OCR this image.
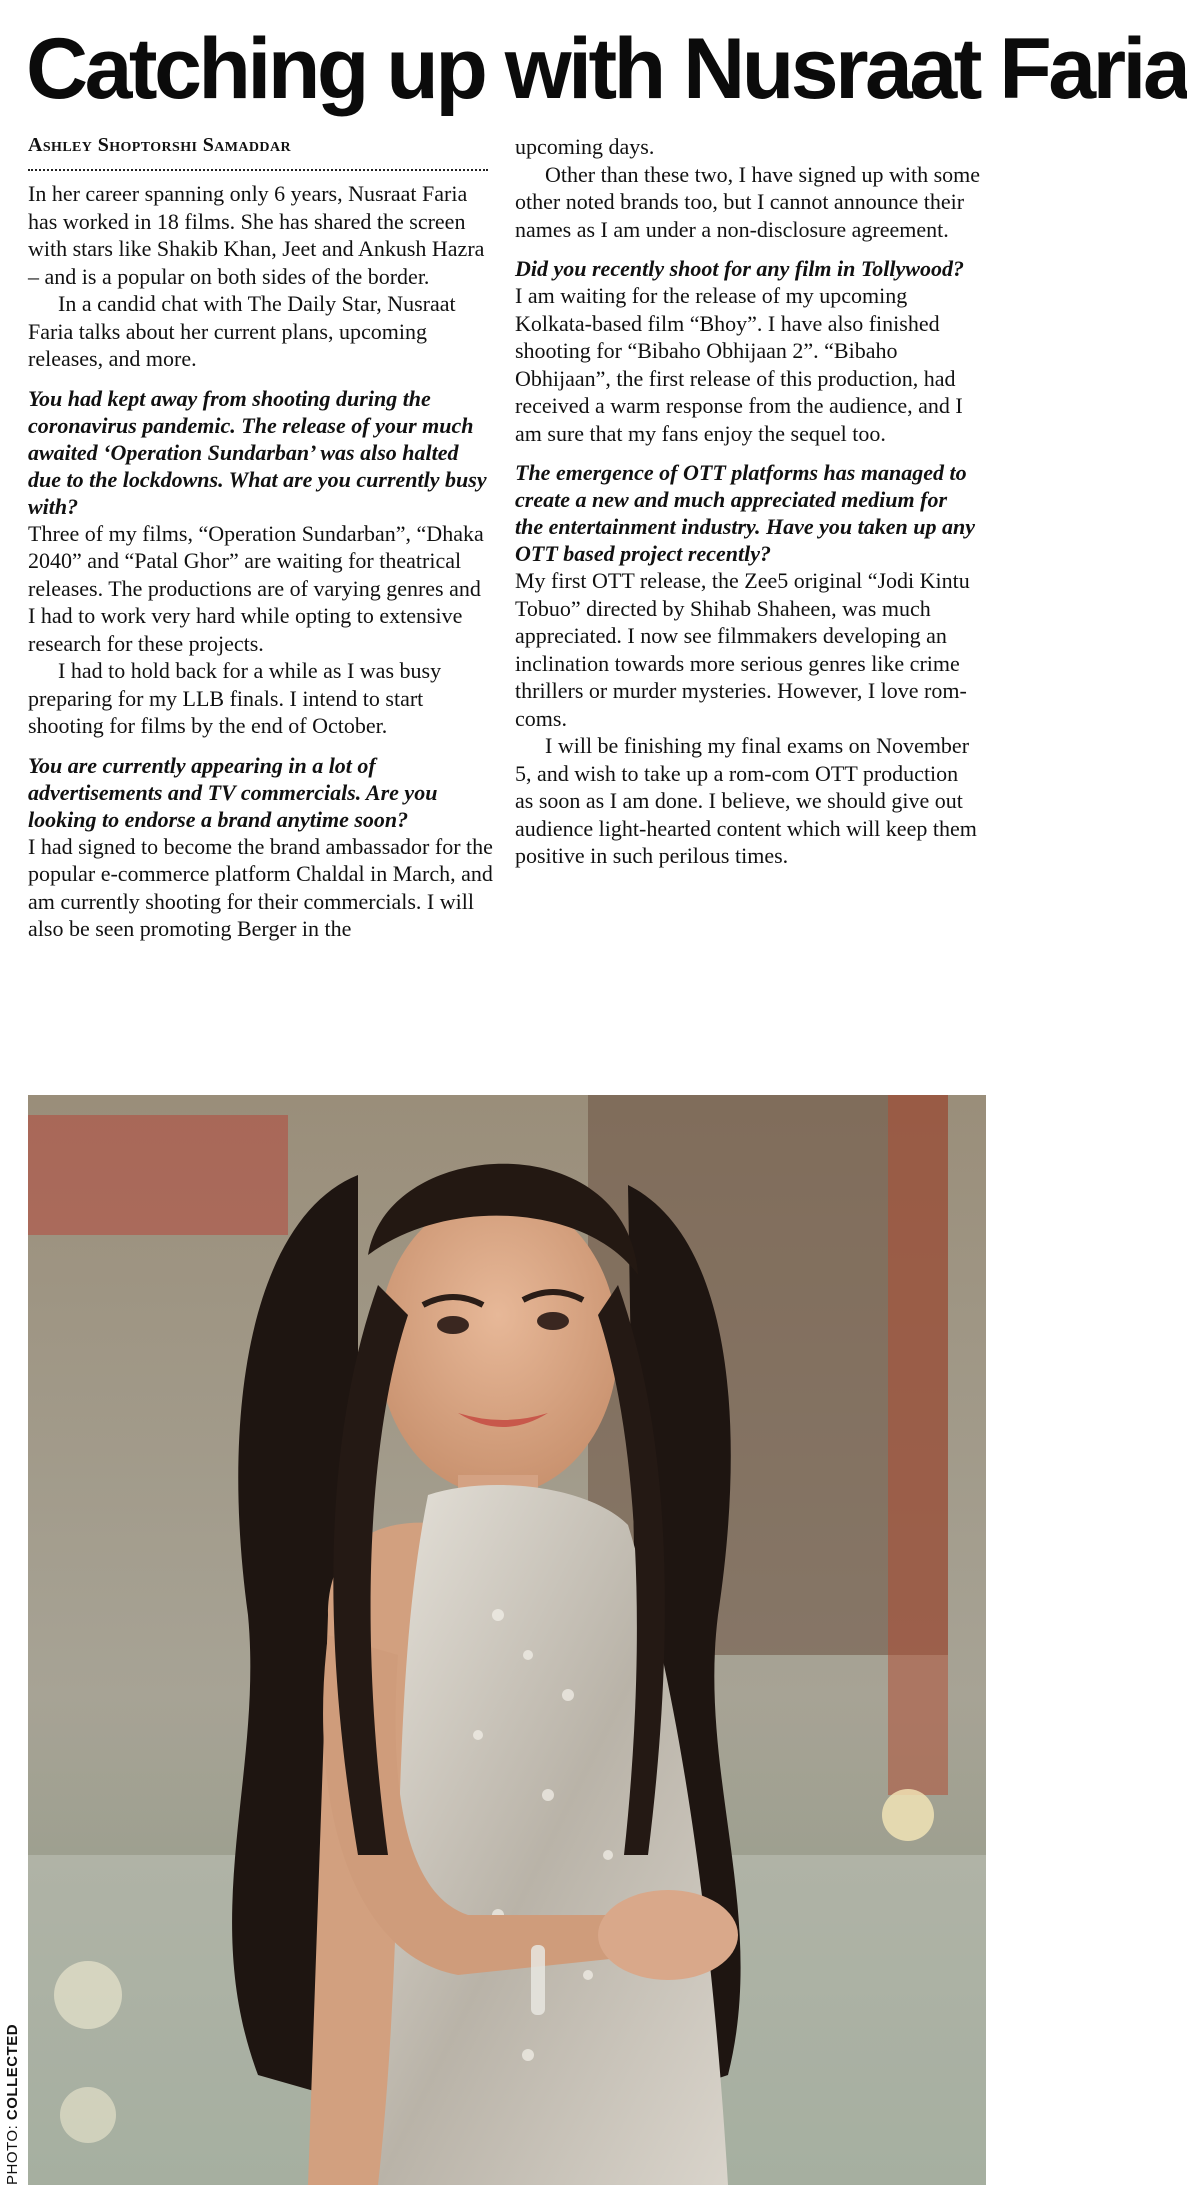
Catching up with Nusraat Faria
Ashley Shoptorshi Samaddar

In her career spanning only 6 years, Nusraat Faria has worked in 18 films. She has shared the screen with stars like Shakib Khan, Jeet and Ankush Hazra – and is a popular on both sides of the border.

In a candid chat with The Daily Star, Nusraat Faria talks about her current plans, upcoming releases, and more.

You had kept away from shooting during the coronavirus pandemic. The release of your much awaited ‘Operation Sundarban’ was also halted due to the lockdowns. What are you currently busy with?

Three of my films, “Operation Sundarban”, “Dhaka 2040” and “Patal Ghor” are waiting for theatrical releases. The productions are of varying genres and I had to work very hard while opting to extensive research for these projects.

I had to hold back for a while as I was busy preparing for my LLB finals. I intend to start shooting for films by the end of October.

You are currently appearing in a lot of advertisements and TV commercials. Are you looking to endorse a brand anytime soon?

I had signed to become the brand ambassador for the popular e-commerce platform Chaldal in March, and am currently shooting for their commercials. I will also be seen promoting Berger in the

upcoming days.

Other than these two, I have signed up with some other noted brands too, but I cannot announce their names as I am under a non-disclosure agreement.

Did you recently shoot for any film in Tollywood?

I am waiting for the release of my upcoming Kolkata-based film “Bhoy”. I have also finished shooting for “Bibaho Obhijaan 2”. “Bibaho Obhijaan”, the first release of this production, had received a warm response from the audience, and I am sure that my fans enjoy the sequel too.

The emergence of OTT platforms has managed to create a new and much appreciated medium for the entertainment industry. Have you taken up any OTT based project recently?

My first OTT release, the Zee5 original “Jodi Kintu Tobuo” directed by Shihab Shaheen, was much appreciated. I now see filmmakers developing an inclination towards more serious genres like crime thrillers or murder mysteries. However, I love rom-coms.

I will be finishing my final exams on November 5, and wish to take up a rom-com OTT production as soon as I am done. I believe, we should give out audience light-hearted content which will keep them positive in such perilous times.

PHOTO: COLLECTED
